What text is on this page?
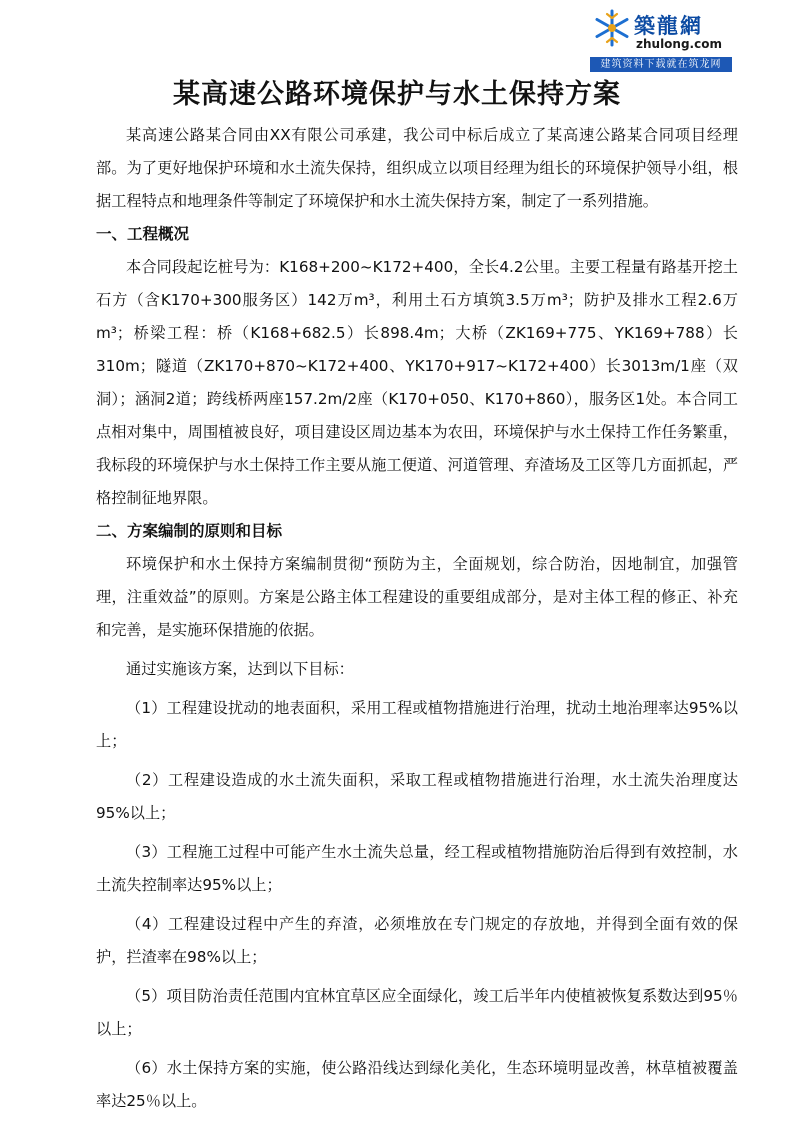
築龍網
zhulong.com
建筑资料下载就在筑龙网
某高速公路环境保护与水土保持方案

某高速公路某合同由XX有限公司承建，我公司中标后成立了某高速公路某合同项目经理部。为了更好地保护环境和水土流失保持，组织成立以项目经理为组长的环境保护领导小组，根据工程特点和地理条件等制定了环境保护和水土流失保持方案，制定了一系列措施。

一、工程概况

本合同段起讫桩号为：K168+200~K172+400，全长4.2公里。主要工程量有路基开挖土石方（含K170+300服务区）142万m³，利用土石方填筑3.5万m³；防护及排水工程2.6万m³；桥梁工程：桥（K168+682.5）长898.4m；大桥（ZK169+775、YK169+788）长310m；隧道（ZK170+870~K172+400、YK170+917~K172+400）长3013m/1座（双洞）；涵洞2道；跨线桥两座157.2m/2座（K170+050、K170+860），服务区1处。本合同工点相对集中，周围植被良好，项目建设区周边基本为农田，环境保护与水土保持工作任务繁重，我标段的环境保护与水土保持工作主要从施工便道、河道管理、弃渣场及工区等几方面抓起，严格控制征地界限。

二、方案编制的原则和目标

环境保护和水土保持方案编制贯彻“预防为主，全面规划，综合防治，因地制宜，加强管理，注重效益”的原则。方案是公路主体工程建设的重要组成部分，是对主体工程的修正、补充和完善，是实施环保措施的依据。

通过实施该方案，达到以下目标：

（1）工程建设扰动的地表面积，采用工程或植物措施进行治理，扰动土地治理率达95%以上；

（2）工程建设造成的水土流失面积，采取工程或植物措施进行治理，水土流失治理度达95%以上；

（3）工程施工过程中可能产生水土流失总量，经工程或植物措施防治后得到有效控制，水土流失控制率达95%以上；

（4）工程建设过程中产生的弃渣，必须堆放在专门规定的存放地，并得到全面有效的保护，拦渣率在98%以上；

（5）项目防治责任范围内宜林宜草区应全面绿化，竣工后半年内使植被恢复系数达到95％以上；

（6）水土保持方案的实施，使公路沿线达到绿化美化，生态环境明显改善，林草植被覆盖率达25％以上。
